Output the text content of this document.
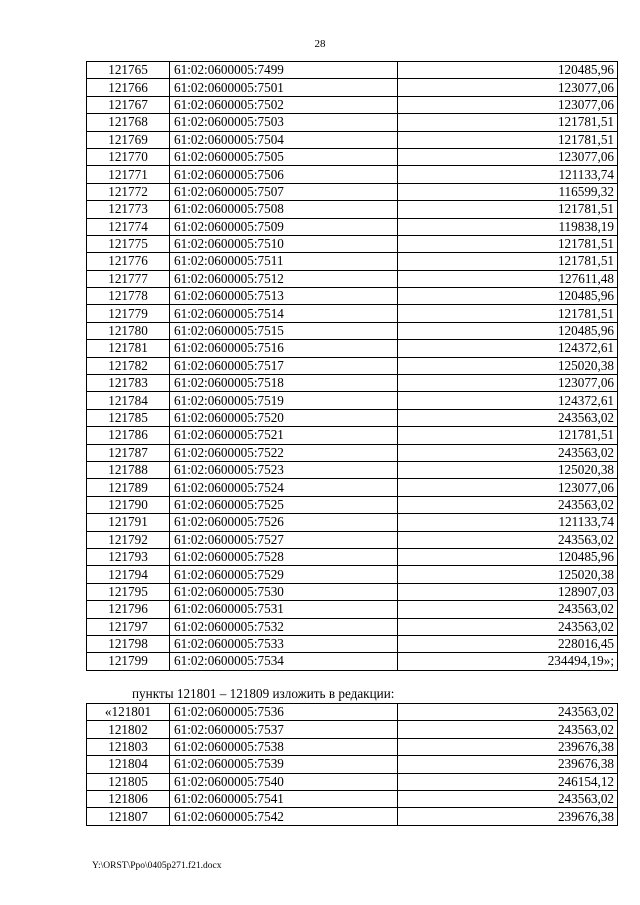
28
121765	61:02:0600005:7499	120485,96
121766	61:02:0600005:7501	123077,06
121767	61:02:0600005:7502	123077,06
121768	61:02:0600005:7503	121781,51
121769	61:02:0600005:7504	121781,51
121770	61:02:0600005:7505	123077,06
121771	61:02:0600005:7506	121133,74
121772	61:02:0600005:7507	116599,32
121773	61:02:0600005:7508	121781,51
121774	61:02:0600005:7509	119838,19
121775	61:02:0600005:7510	121781,51
121776	61:02:0600005:7511	121781,51
121777	61:02:0600005:7512	127611,48
121778	61:02:0600005:7513	120485,96
121779	61:02:0600005:7514	121781,51
121780	61:02:0600005:7515	120485,96
121781	61:02:0600005:7516	124372,61
121782	61:02:0600005:7517	125020,38
121783	61:02:0600005:7518	123077,06
121784	61:02:0600005:7519	124372,61
121785	61:02:0600005:7520	243563,02
121786	61:02:0600005:7521	121781,51
121787	61:02:0600005:7522	243563,02
121788	61:02:0600005:7523	125020,38
121789	61:02:0600005:7524	123077,06
121790	61:02:0600005:7525	243563,02
121791	61:02:0600005:7526	121133,74
121792	61:02:0600005:7527	243563,02
121793	61:02:0600005:7528	120485,96
121794	61:02:0600005:7529	125020,38
121795	61:02:0600005:7530	128907,03
121796	61:02:0600005:7531	243563,02
121797	61:02:0600005:7532	243563,02
121798	61:02:0600005:7533	228016,45
121799	61:02:0600005:7534	234494,19»;
пункты 121801 – 121809 изложить в редакции:
«121801	61:02:0600005:7536	243563,02
121802	61:02:0600005:7537	243563,02
121803	61:02:0600005:7538	239676,38
121804	61:02:0600005:7539	239676,38
121805	61:02:0600005:7540	246154,12
121806	61:02:0600005:7541	243563,02
121807	61:02:0600005:7542	239676,38
Y:\ORST\Ppo\0405p271.f21.docx
